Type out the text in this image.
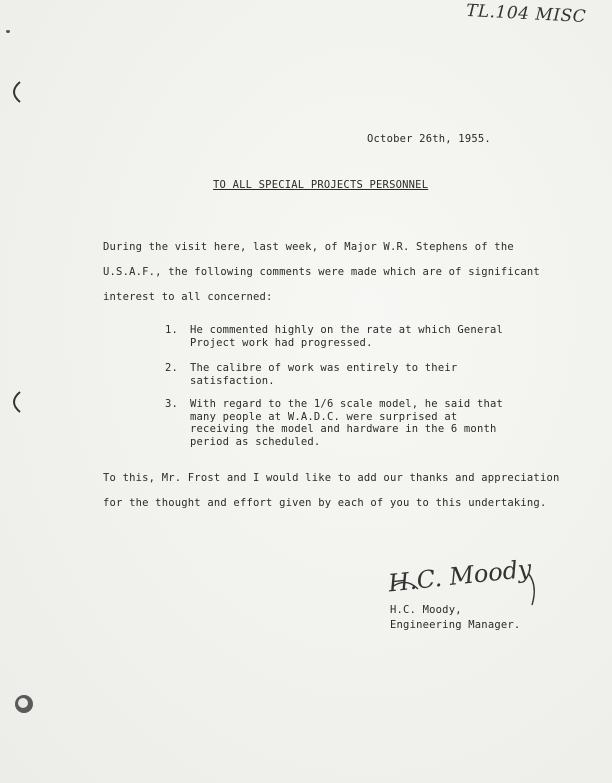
TL.104 MISC
October 26th, 1955.
TO ALL SPECIAL PROJECTS PERSONNEL
During the visit here, last week, of Major W.R. Stephens of the
U.S.A.F., the following comments were made which are of significant
interest to all concerned:
1. He commented highly on the rate at which General
Project work had progressed.
2. The calibre of work was entirely to their
satisfaction.
3. With regard to the 1/6 scale model, he said that
many people at W.A.D.C. were surprised at
receiving the model and hardware in the 6 month
period as scheduled.
To this, Mr. Frost and I would like to add our thanks and appreciation
for the thought and effort given by each of you to this undertaking.
H.C. Moody
H.C. Moody,
Engineering Manager.
